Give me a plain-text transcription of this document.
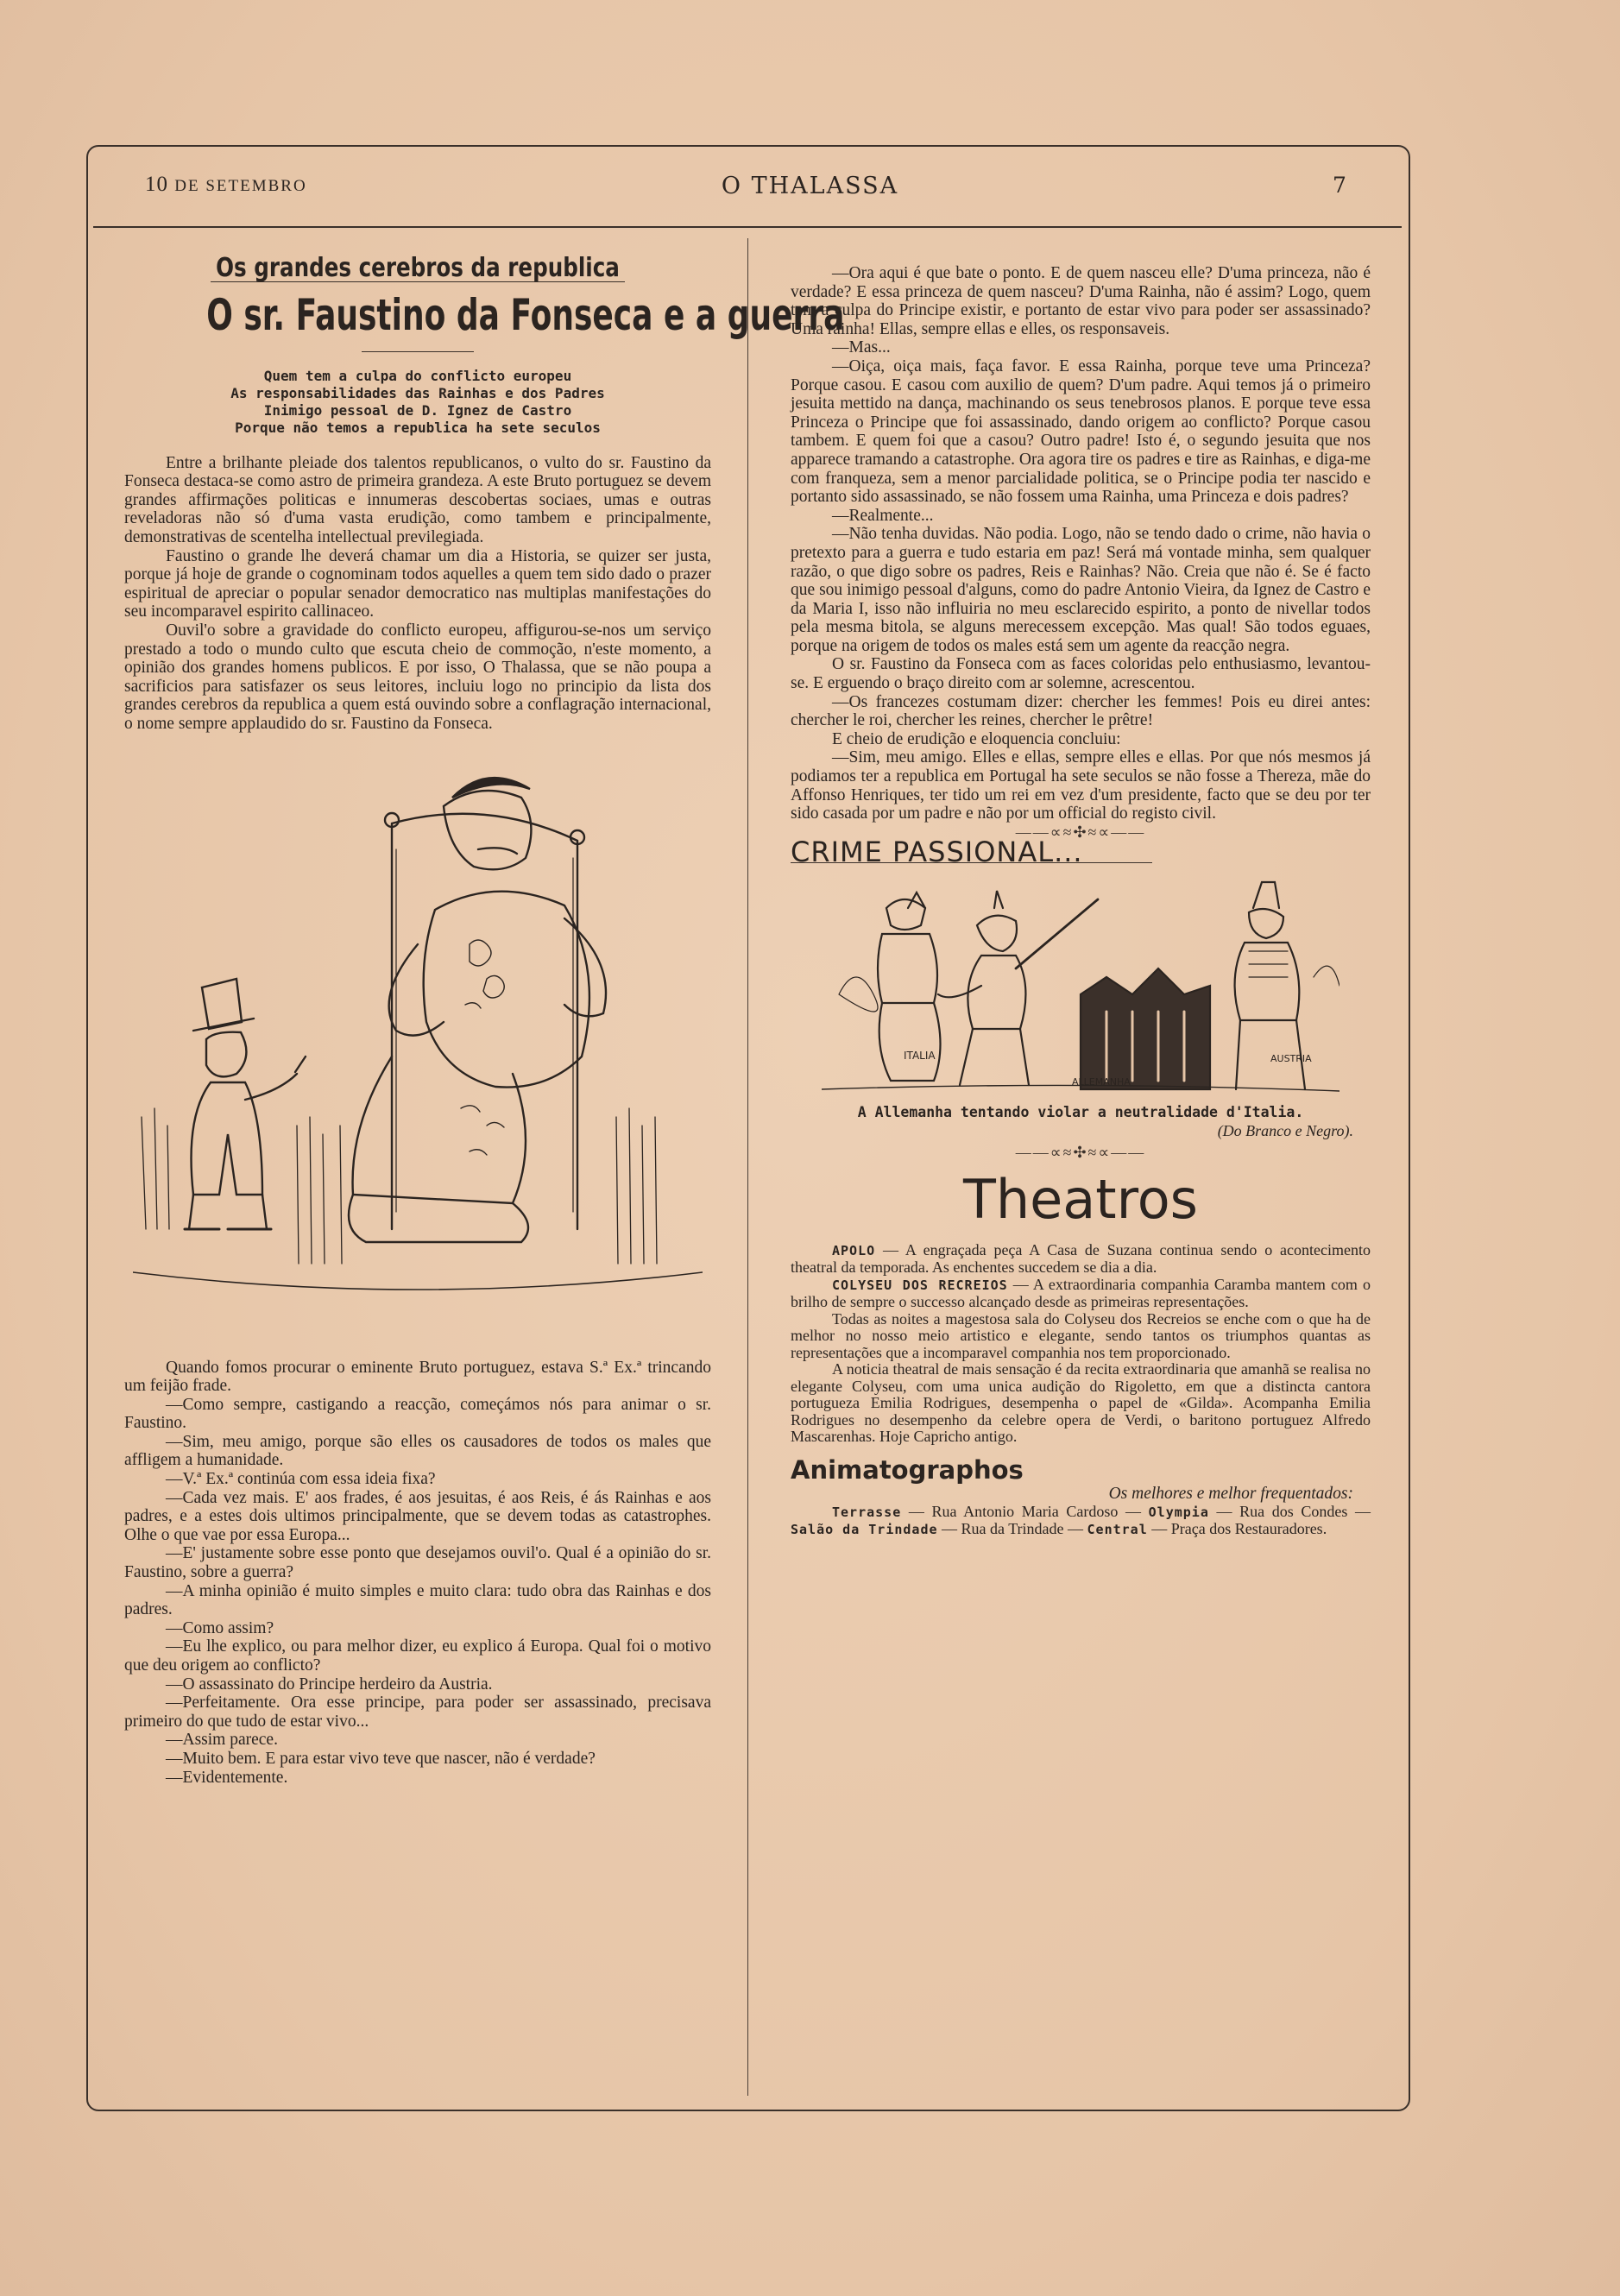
10 DE SETEMBRO	O THALASSA	7
Os grandes cerebros da republica
O sr. Faustino da Fonseca e a guerra
Quem tem a culpa do conflicto europeu
As responsabilidades das Rainhas e dos Padres
Inimigo pessoal de D. Ignez de Castro
Porque não temos a republica ha sete seculos

Entre a brilhante pleiade dos talentos republicanos, o vulto do sr. Faustino da Fonseca destaca-se como astro de primeira grandeza. A este Bruto portuguez se devem grandes affirmações politicas e innumeras descobertas sociaes, umas e outras reveladoras não só d'uma vasta erudição, como tambem e principalmente, demonstrativas de scentelha intellectual previlegiada.

Faustino o grande lhe deverá chamar um dia a Historia, se quizer ser justa, porque já hoje de grande o cognominam todos aquelles a quem tem sido dado o prazer espiritual de apreciar o popular senador democratico nas multiplas manifestações do seu incomparavel espirito callinaceo.

Ouvil'o sobre a gravidade do conflicto europeu, affigurou-se-nos um serviço prestado a todo o mundo culto que escuta cheio de commoção, n'este momento, a opinião dos grandes homens publicos. E por isso, O Thalassa, que se não poupa a sacrificios para satisfazer os seus leitores, incluiu logo no principio da lista dos grandes cerebros da republica a quem está ouvindo sobre a conflagração internacional, o nome sempre applaudido do sr. Faustino da Fonseca.

Quando fomos procurar o eminente Bruto portuguez, estava S.ª Ex.ª trincando um feijão frade.

—Como sempre, castigando a reacção, começámos nós para animar o sr. Faustino.

—Sim, meu amigo, porque são elles os causadores de todos os males que affligem a humanidade.

—V.ª Ex.ª continúa com essa ideia fixa?

—Cada vez mais. E' aos frades, é aos jesuitas, é aos Reis, é ás Rainhas e aos padres, e a estes dois ultimos principalmente, que se devem todas as catastrophes. Olhe o que vae por essa Europa...

—E' justamente sobre esse ponto que desejamos ouvil'o. Qual é a opinião do sr. Faustino, sobre a guerra?

—A minha opinião é muito simples e muito clara: tudo obra das Rainhas e dos padres.

—Como assim?

—Eu lhe explico, ou para melhor dizer, eu explico á Europa. Qual foi o motivo que deu origem ao conflicto?

—O assassinato do Principe herdeiro da Austria.

—Perfeitamente. Ora esse principe, para poder ser assassinado, precisava primeiro do que tudo de estar vivo...

—Assim parece.

—Muito bem. E para estar vivo teve que nascer, não é verdade?

—Evidentemente.

—Ora aqui é que bate o ponto. E de quem nasceu elle? D'uma princeza, não é verdade? E essa princeza de quem nasceu? D'uma Rainha, não é assim? Logo, quem tem a culpa do Principe existir, e portanto de estar vivo para poder ser assassinado? Uma rainha! Ellas, sempre ellas e elles, os responsaveis.

—Mas...

—Oiça, oiça mais, faça favor. E essa Rainha, porque teve uma Princeza? Porque casou. E casou com auxilio de quem? D'um padre. Aqui temos já o primeiro jesuita mettido na dança, machinando os seus tenebrosos planos. E porque teve essa Princeza o Principe que foi assassinado, dando origem ao conflicto? Porque casou tambem. E quem foi que a casou? Outro padre! Isto é, o segundo jesuita que nos apparece tramando a catastrophe. Ora agora tire os padres e tire as Rainhas, e diga-me com franqueza, sem a menor parcialidade politica, se o Principe podia ter nascido e portanto sido assassinado, se não fossem uma Rainha, uma Princeza e dois padres?

—Realmente...

—Não tenha duvidas. Não podia. Logo, não se tendo dado o crime, não havia o pretexto para a guerra e tudo estaria em paz! Será má vontade minha, sem qualquer razão, o que digo sobre os padres, Reis e Rainhas? Não. Creia que não é. Se é facto que sou inimigo pessoal d'alguns, como do padre Antonio Vieira, da Ignez de Castro e da Maria I, isso não influiria no meu esclarecido espirito, a ponto de nivellar todos pela mesma bitola, se alguns merecessem excepção. Mas qual! São todos eguaes, porque na origem de todos os males está sem um agente da reacção negra.

O sr. Faustino da Fonseca com as faces coloridas pelo enthusiasmo, levantou-se. E erguendo o braço direito com ar solemne, acrescentou.

—Os francezes costumam dizer: chercher les femmes! Pois eu direi antes: chercher le roi, chercher les reines, chercher le prêtre!

E cheio de erudição e eloquencia concluiu:

—Sim, meu amigo. Elles e ellas, sempre elles e ellas. Por que nós mesmos já podiamos ter a republica em Portugal ha sete seculos se não fosse a Thereza, mãe do Affonso Henriques, ter tido um rei em vez d'um presidente, facto que se deu por ter sido casada por um padre e não por um official do registo civil.

——∝≈✣≈∝——
CRIME PASSIONAL...
ITALIA
ALLEMANHA
AUSTRIA
A Allemanha tentando violar a neutralidade d'Italia.
(Do Branco e Negro).
——∝≈✣≈∝——
Theatros

APOLO — A engraçada peça A Casa de Suzana continua sendo o acontecimento theatral da temporada. As enchentes succedem se dia a dia.

COLYSEU DOS RECREIOS — A extraordinaria companhia Caramba mantem com o brilho de sempre o successo alcançado desde as primeiras representações.

Todas as noites a magestosa sala do Colyseu dos Recreios se enche com o que ha de melhor no nosso meio artistico e elegante, sendo tantos os triumphos quantas as representações que a incomparavel companhia nos tem proporcionado.

A noticia theatral de mais sensação é da recita extraordinaria que amanhã se realisa no elegante Colyseu, com uma unica audição do Rigoletto, em que a distincta cantora portugueza Emilia Rodrigues, desempenha o papel de «Gilda». Acompanha Emilia Rodrigues no desempenho da celebre opera de Verdi, o baritono portuguez Alfredo Mascarenhas. Hoje Capricho antigo.

Animatographos
Os melhores e melhor frequentados:

Terrasse — Rua Antonio Maria Cardoso — Olympia — Rua dos Condes — Salão da Trindade — Rua da Trindade — Central — Praça dos Restauradores.
